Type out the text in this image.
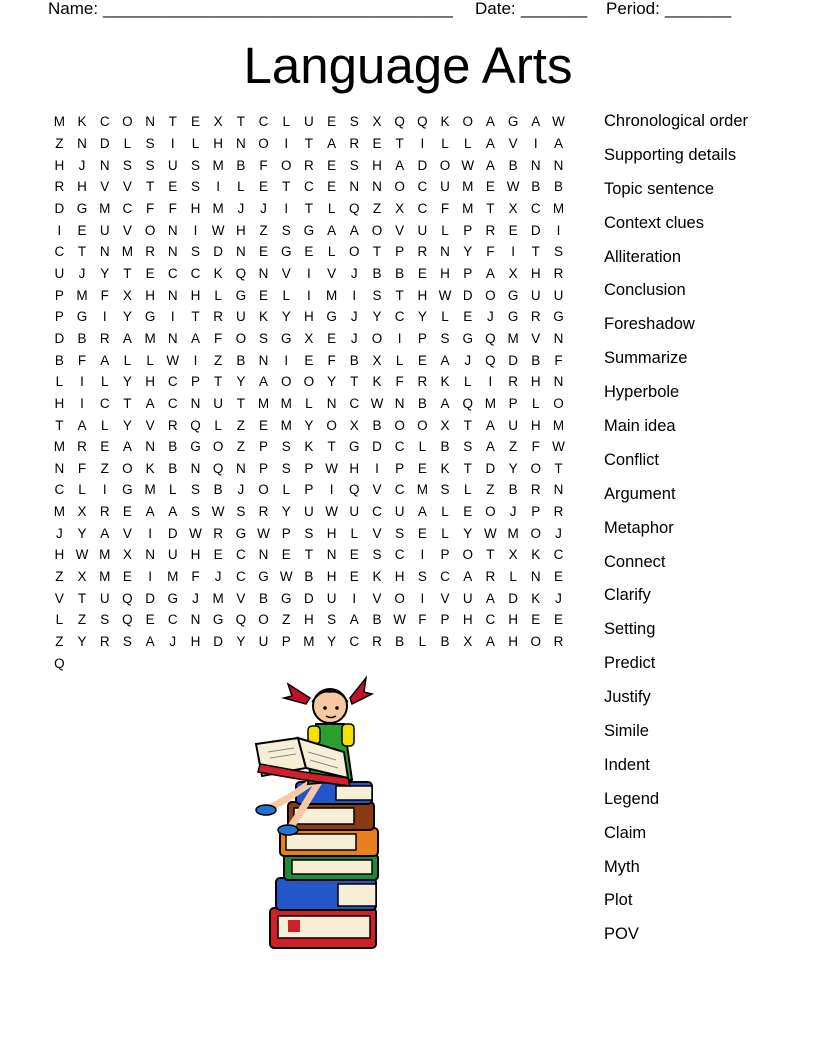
Name: _____________________________________ Date: _______ Period: _______
Language Arts
M K C O N	T	E	X	T	C	L	U E	S	X Q Q K O A G A W
Z	N D	L	S	I	L	H N O	I	T	A R E	T	I	L	L	A	V	I	A
H	J	N S	S U S M B	F O R E	S H A D O W A	B N N
R H V	V	T	E	S	I	L	E	T	C E N N O C U M E W B	B
D G M C	F	F	H M	J	J	I	T	L	Q Z	X C	F M T	X C M
I	E U V O N	I	W H	Z	S G A	A O V U	L	P R E D	I
C	T	N M R N S D N E G E	L	O T	P R N Y	F	I	T	S
U	J	Y	T	E C C K Q N V	I	V	J	B	B	E H P	A	X H R
P M F	X H N H	L	G E	L	I	M	I	S	T	H W D O G U U
P G	I	Y G	I	T	R U K	Y H G	J	Y C Y	L	E	J	G R G
D B R A M N A	F O S G X	E	J	O	I	P	S G Q M V N
B	F	A	L	L W	I	Z	B N	I	E	F	B	X	L	E	A	J	Q D B	F
L	I	L	Y H C P	T	Y	A O O Y	T	K	F	R K	L	I	R H N
H	I	C	T	A C N U	T M M L	N C W N B	A Q M P	L	O
T	A	L	Y	V R Q	L	Z	E M Y O X	B O O X	T	A U H M
M R E	A N B G O Z	P	S	K	T G D C	L	B	S	A	Z	F W
N	F	Z O K	B N Q N P	S	P W H	I	P	E	K	T	D Y O T
C	L	I	G M L	S	B	J	O	L	P	I	Q V C M S	L	Z	B R N
M X R E	A	A	S W S R Y U W U C U A	L	E O	J	P R
J	Y	A	V	I	D W R G W P	S H	L	V	S	E	L	Y W M O	J
H W M X N U H E C N E	T	N E	S C	I	P O T	X	K C
Z	X M E	I	M F	J	C G W B H E	K H S C A R	L	N E
V	T	U Q D G	J	M V	B G D U	I	V O	I	V U A D K	J
L	Z	S Q E C N G Q O Z	H S	A	B W F	P H C H E	E
Z	Y R S	A	J	H D Y U P M Y C R B	L	B	X	A H O R
Q
Chronological order
Supporting details
Topic sentence
Context clues
Alliteration
Conclusion
Foreshadow
Summarize
Hyperbole
Main idea
Conflict
Argument
Metaphor
Connect
Clarify
Setting
Predict
Justify
Simile
Indent
Legend
Claim
Myth
Plot
POV
